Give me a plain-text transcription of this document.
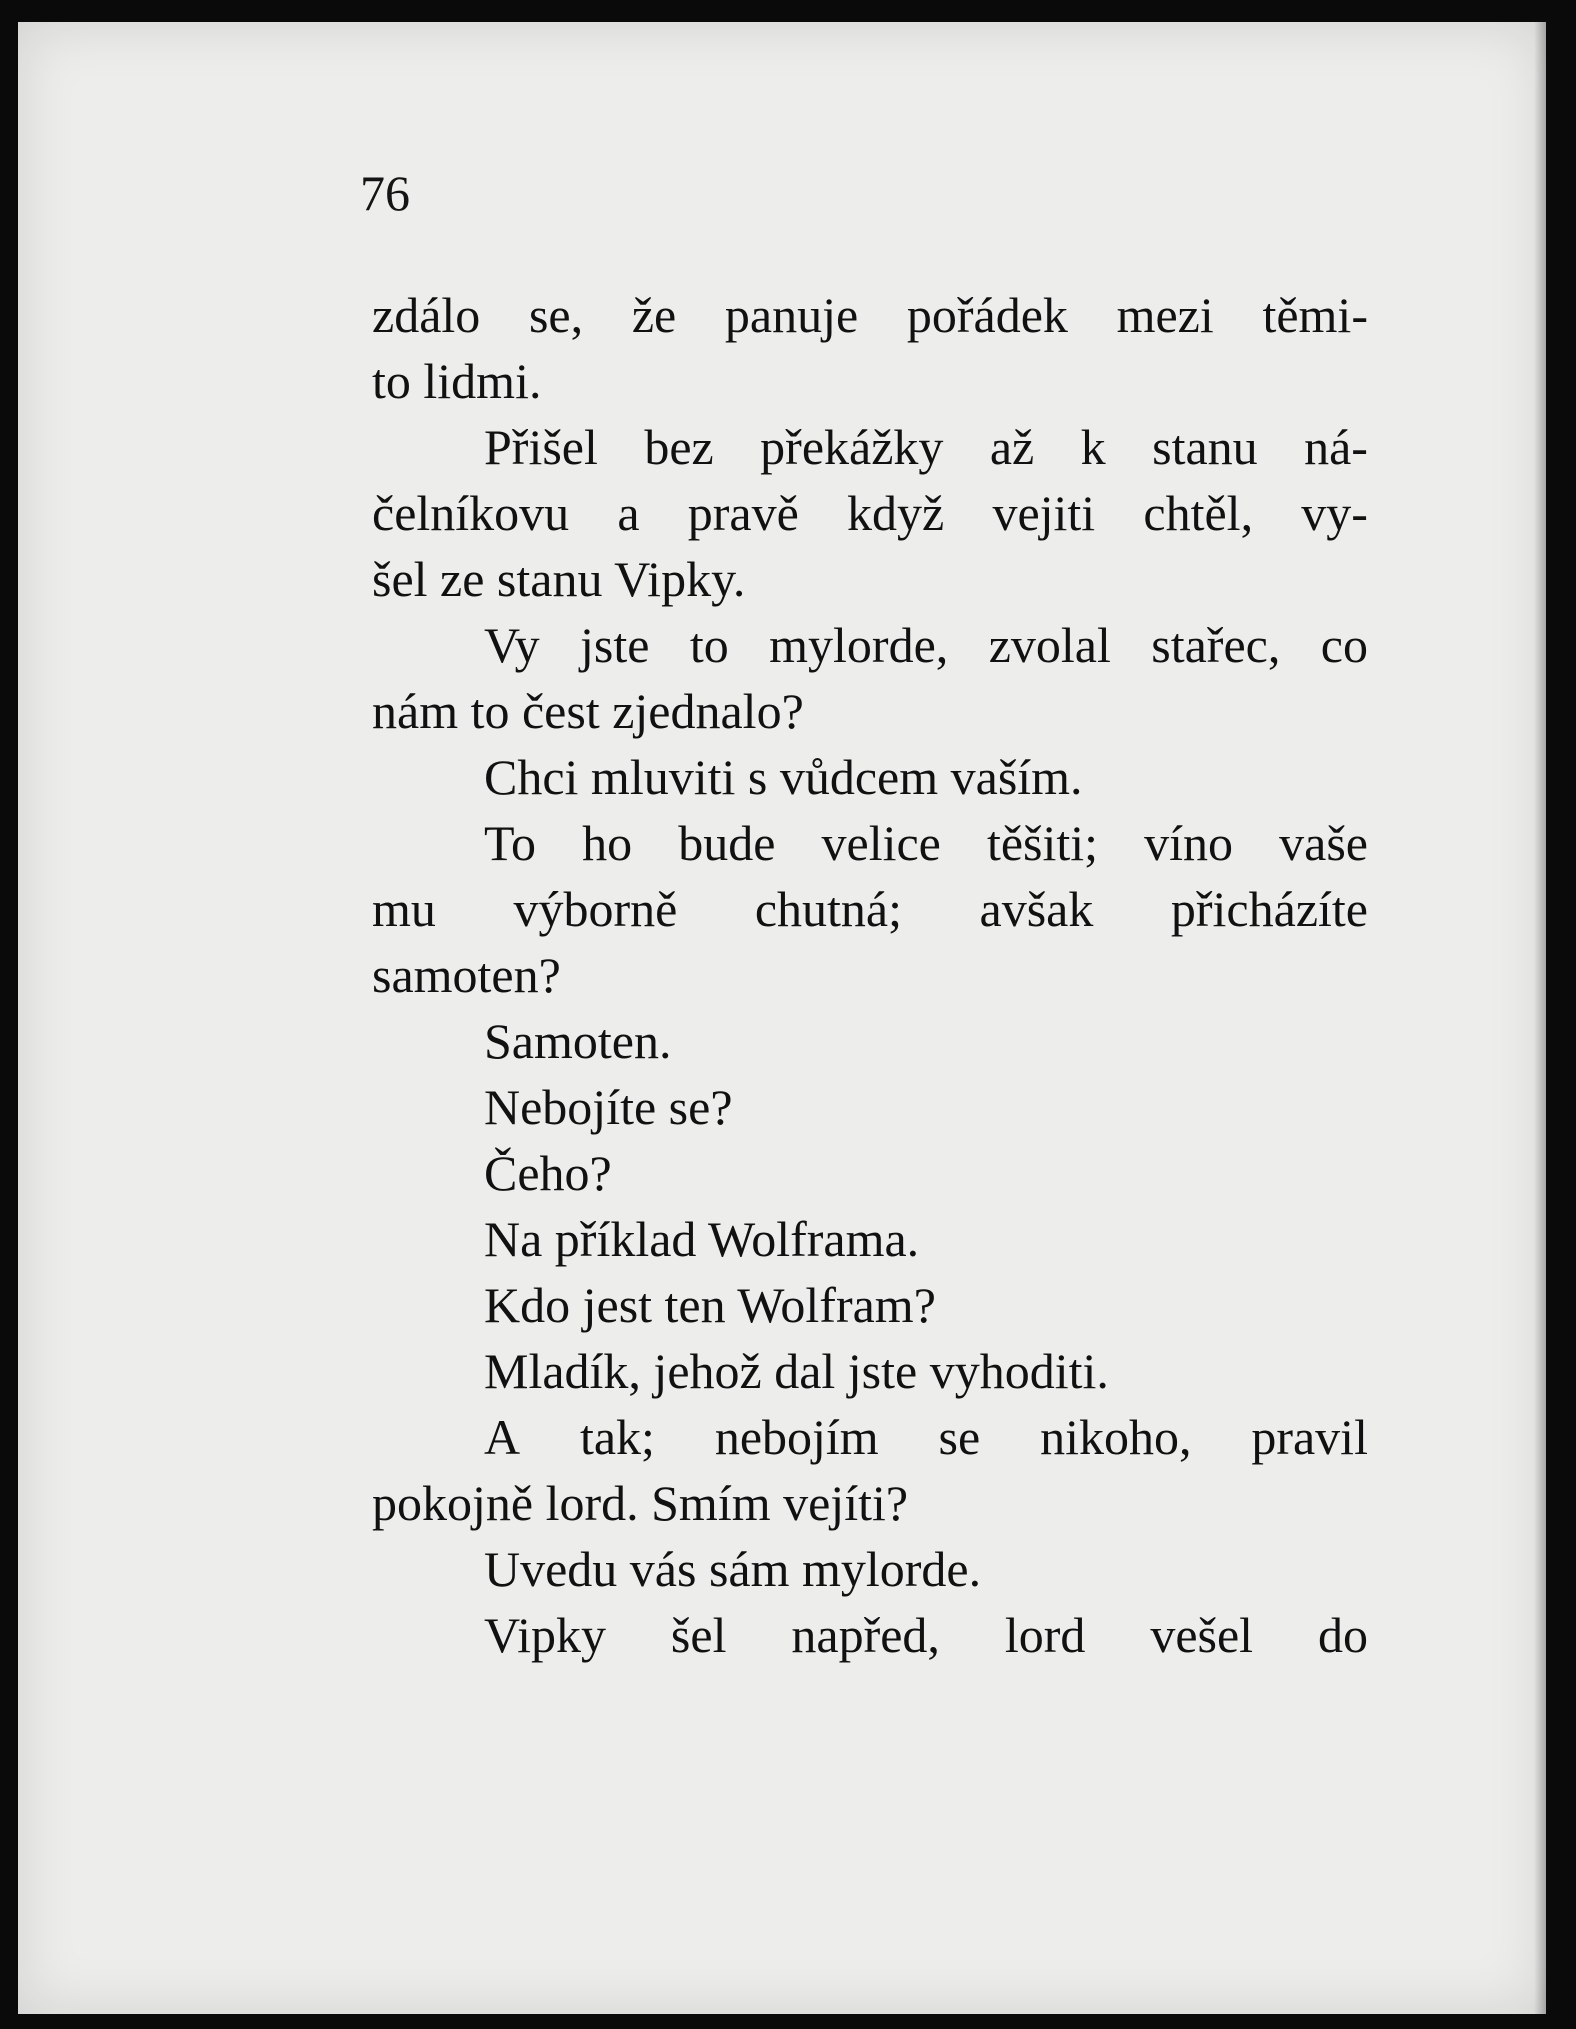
76
zdálo se, že panuje pořádek mezi těmi-
to lidmi.
Přišel bez překážky až k stanu ná-
čelníkovu a pravě když vejiti chtěl, vy-
šel ze stanu Vipky.
Vy jste to mylorde, zvolal stařec, co
nám to čest zjednalo?
Chci mluviti s vůdcem vaším.
To ho bude velice těšiti; víno vaše
mu výborně chutná; avšak přicházíte
samoten?
Samoten.
Nebojíte se?
Čeho?
Na příklad Wolframa.
Kdo jest ten Wolfram?
Mladík, jehož dal jste vyhoditi.
A tak; nebojím se nikoho, pravil
pokojně lord. Smím vejíti?
Uvedu vás sám mylorde.
Vipky šel napřed, lord vešel do
